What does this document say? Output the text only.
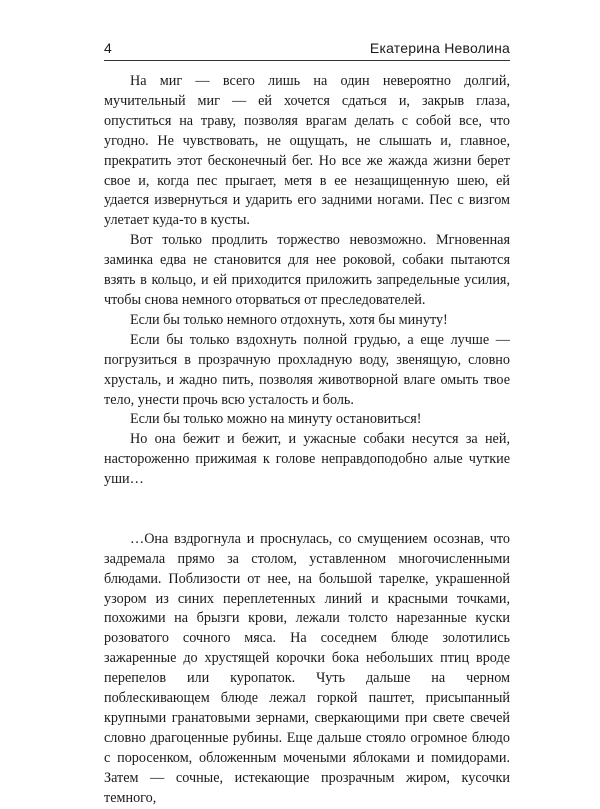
4	Екатерина Неволина

На миг — всего лишь на один невероятно долгий, мучительный миг — ей хочется сдаться и, закрыв глаза, опуститься на траву, позволяя врагам делать с собой все, что угодно. Не чувствовать, не ощущать, не слышать и, главное, прекратить этот бесконечный бег. Но все же жажда жизни берет свое и, когда пес прыгает, метя в ее незащищенную шею, ей удается извернуться и ударить его задними ногами. Пес с визгом улетает куда-то в кусты.

Вот только продлить торжество невозможно. Мгновенная заминка едва не становится для нее роковой, собаки пытаются взять в кольцо, и ей приходится приложить запредельные усилия, чтобы снова немного оторваться от преследователей.

Если бы только немного отдохнуть, хотя бы минуту!

Если бы только вздохнуть полной грудью, а еще лучше — погрузиться в прозрачную прохладную воду, звенящую, словно хрусталь, и жадно пить, позволяя животворной влаге омыть твое тело, унести прочь всю усталость и боль.

Если бы только можно на минуту остановиться!

Но она бежит и бежит, и ужасные собаки несутся за ней, настороженно прижимая к голове неправдоподобно алые чуткие уши…

…Она вздрогнула и проснулась, со смущением осознав, что задремала прямо за столом, уставленном многочисленными блюдами. Поблизости от нее, на большой тарелке, украшенной узором из синих переплетенных линий и красными точками, похожими на брызги крови, лежали толсто нарезанные куски розоватого сочного мяса. На соседнем блюде золотились зажаренные до хрустящей корочки бока небольших птиц вроде перепелов или куропаток. Чуть дальше на черном поблескивающем блюде лежал горкой паштет, присыпанный крупными гранатовыми зернами, сверкающими при свете свечей словно драгоценные рубины. Еще дальше стояло огромное блюдо с поросенком, обложенным мочеными яблоками и помидорами. Затем — сочные, истекающие прозрачным жиром, кусочки темного,
